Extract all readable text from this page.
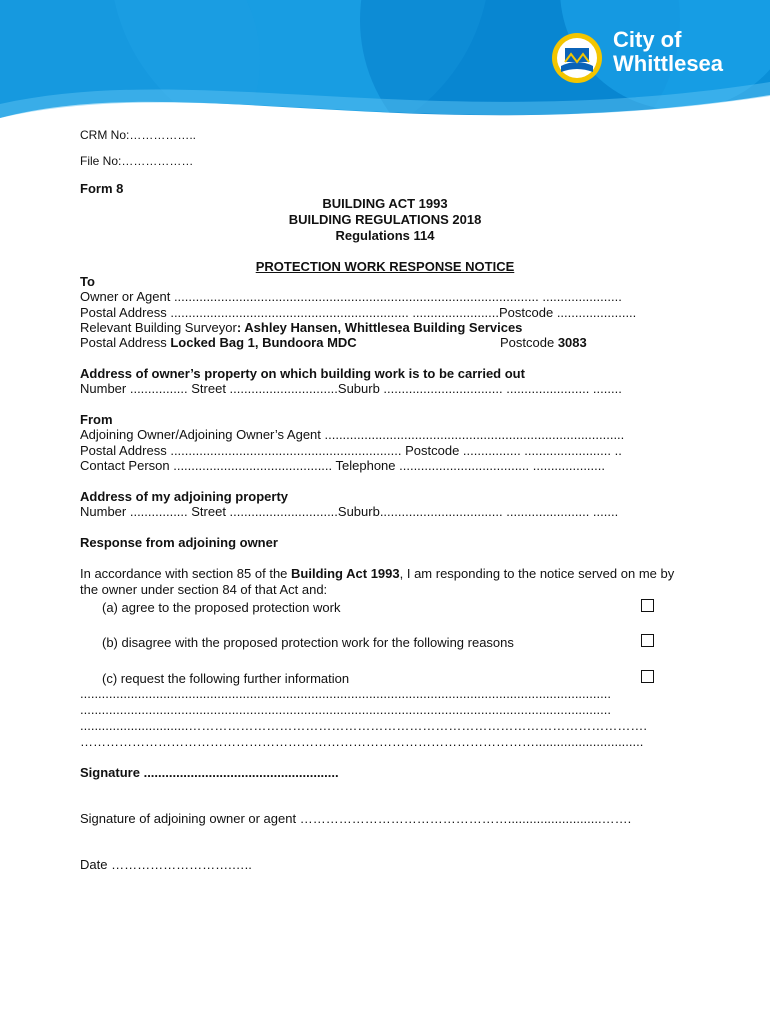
City of
Whittlesea
CRM No:……………..
File No:………………
Form 8
BUILDING ACT 1993
BUILDING REGULATIONS 2018
Regulations 114
PROTECTION WORK RESPONSE NOTICE
To
Owner or Agent ..................................................................................................... ......................
Postal Address .................................................................. ........................Postcode ......................
Relevant Building Surveyor: Ashley Hansen, Whittlesea Building Services
Postal Address Locked Bag 1, Bundoora MDC	Postcode 3083
Address of owner’s property on which building work is to be carried out
Number ................ Street ..............................Suburb ................................. ....................... ........
From
Adjoining Owner/Adjoining Owner’s Agent ...................................................................................
Postal Address ................................................................ Postcode ................ ........................ ..
Contact Person ............................................ Telephone .................................... ....................
Address of my adjoining property
Number ................ Street ..............................Suburb.................................. ....................... .......
Response from adjoining owner
In accordance with section 85 of the Building Act 1993, I am responding to the notice served on me by the owner under section 84 of that Act and:
(a) agree to the proposed protection work
(b) disagree with the proposed protection work for the following reasons
(c) request the following further information
...................................................................................................................................................
...................................................................................................................................................
..............................…………………………………………………………………………………………….
……………………………………………………………………………………………..............................
Signature ......................................................
Signature of adjoining owner or agent …………………………………………..........................…….
Date ……………………….…..
